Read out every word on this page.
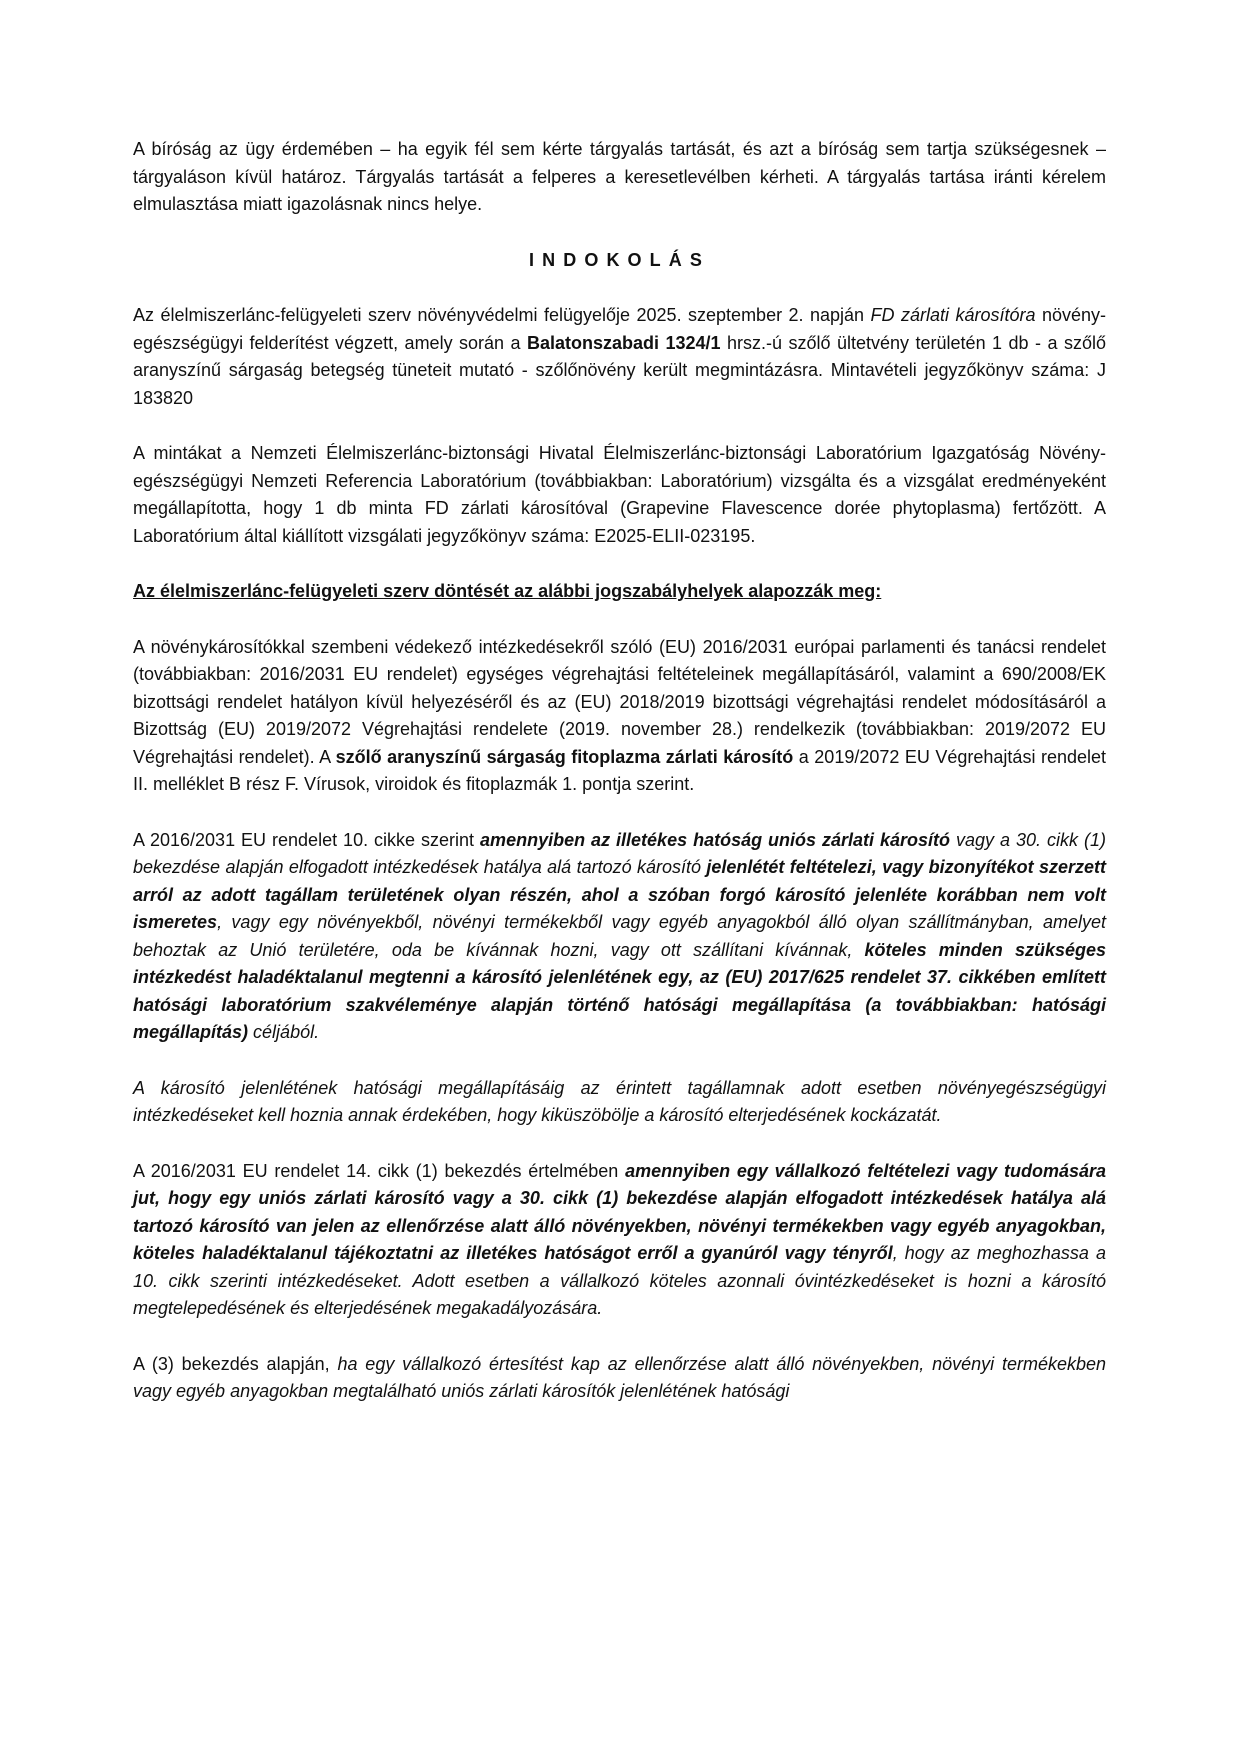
A bíróság az ügy érdemében – ha egyik fél sem kérte tárgyalás tartását, és azt a bíróság sem tartja szükségesnek – tárgyaláson kívül határoz. Tárgyalás tartását a felperes a keresetlevélben kérheti. A tárgyalás tartása iránti kérelem elmulasztása miatt igazolásnak nincs helye.

INDOKOLÁS

Az élelmiszerlánc-felügyeleti szerv növényvédelmi felügyelője 2025. szeptember 2. napján FD zárlati károsítóra növény-egészségügyi felderítést végzett, amely során a Balatonszabadi 1324/1 hrsz.-ú szőlő ültetvény területén 1 db - a szőlő aranyszínű sárgaság betegség tüneteit mutató - szőlőnövény került megmintázásra. Mintavételi jegyzőkönyv száma: J 183820

A mintákat a Nemzeti Élelmiszerlánc-biztonsági Hivatal Élelmiszerlánc-biztonsági Laboratórium Igazgatóság Növény-egészségügyi Nemzeti Referencia Laboratórium (továbbiakban: Laboratórium) vizsgálta és a vizsgálat eredményeként megállapította, hogy 1 db minta FD zárlati károsítóval (Grapevine Flavescence dorée phytoplasma) fertőzött. A Laboratórium által kiállított vizsgálati jegyzőkönyv száma: E2025-ELII-023195.

Az élelmiszerlánc-felügyeleti szerv döntését az alábbi jogszabályhelyek alapozzák meg:

A növénykárosítókkal szembeni védekező intézkedésekről szóló (EU) 2016/2031 európai parlamenti és tanácsi rendelet (továbbiakban: 2016/2031 EU rendelet) egységes végrehajtási feltételeinek megállapításáról, valamint a 690/2008/EK bizottsági rendelet hatályon kívül helyezéséről és az (EU) 2018/2019 bizottsági végrehajtási rendelet módosításáról a Bizottság (EU) 2019/2072 Végrehajtási rendelete (2019. november 28.) rendelkezik (továbbiakban: 2019/2072 EU Végrehajtási rendelet). A szőlő aranyszínű sárgaság fitoplazma zárlati károsító a 2019/2072 EU Végrehajtási rendelet II. melléklet B rész F. Vírusok, viroidok és fitoplazmák 1. pontja szerint.

A 2016/2031 EU rendelet 10. cikke szerint amennyiben az illetékes hatóság uniós zárlati károsító vagy a 30. cikk (1) bekezdése alapján elfogadott intézkedések hatálya alá tartozó károsító jelenlétét feltételezi, vagy bizonyítékot szerzett arról az adott tagállam területének olyan részén, ahol a szóban forgó károsító jelenléte korábban nem volt ismeretes, vagy egy növényekből, növényi termékekből vagy egyéb anyagokból álló olyan szállítmányban, amelyet behoztak az Unió területére, oda be kívánnak hozni, vagy ott szállítani kívánnak, köteles minden szükséges intézkedést haladéktalanul megtenni a károsító jelenlétének egy, az (EU) 2017/625 rendelet 37. cikkében említett hatósági laboratórium szakvéleménye alapján történő hatósági megállapítása (a továbbiakban: hatósági megállapítás) céljából.

A károsító jelenlétének hatósági megállapításáig az érintett tagállamnak adott esetben növényegészségügyi intézkedéseket kell hoznia annak érdekében, hogy kiküszöbölje a károsító elterjedésének kockázatát.

A 2016/2031 EU rendelet 14. cikk (1) bekezdés értelmében amennyiben egy vállalkozó feltételezi vagy tudomására jut, hogy egy uniós zárlati károsító vagy a 30. cikk (1) bekezdése alapján elfogadott intézkedések hatálya alá tartozó károsító van jelen az ellenőrzése alatt álló növényekben, növényi termékekben vagy egyéb anyagokban, köteles haladéktalanul tájékoztatni az illetékes hatóságot erről a gyanúról vagy tényről, hogy az meghozhassa a 10. cikk szerinti intézkedéseket. Adott esetben a vállalkozó köteles azonnali óvintézkedéseket is hozni a károsító megtelepedésének és elterjedésének megakadályozására.

A (3) bekezdés alapján, ha egy vállalkozó értesítést kap az ellenőrzése alatt álló növényekben, növényi termékekben vagy egyéb anyagokban megtalálható uniós zárlati károsítók jelenlétének hatósági
